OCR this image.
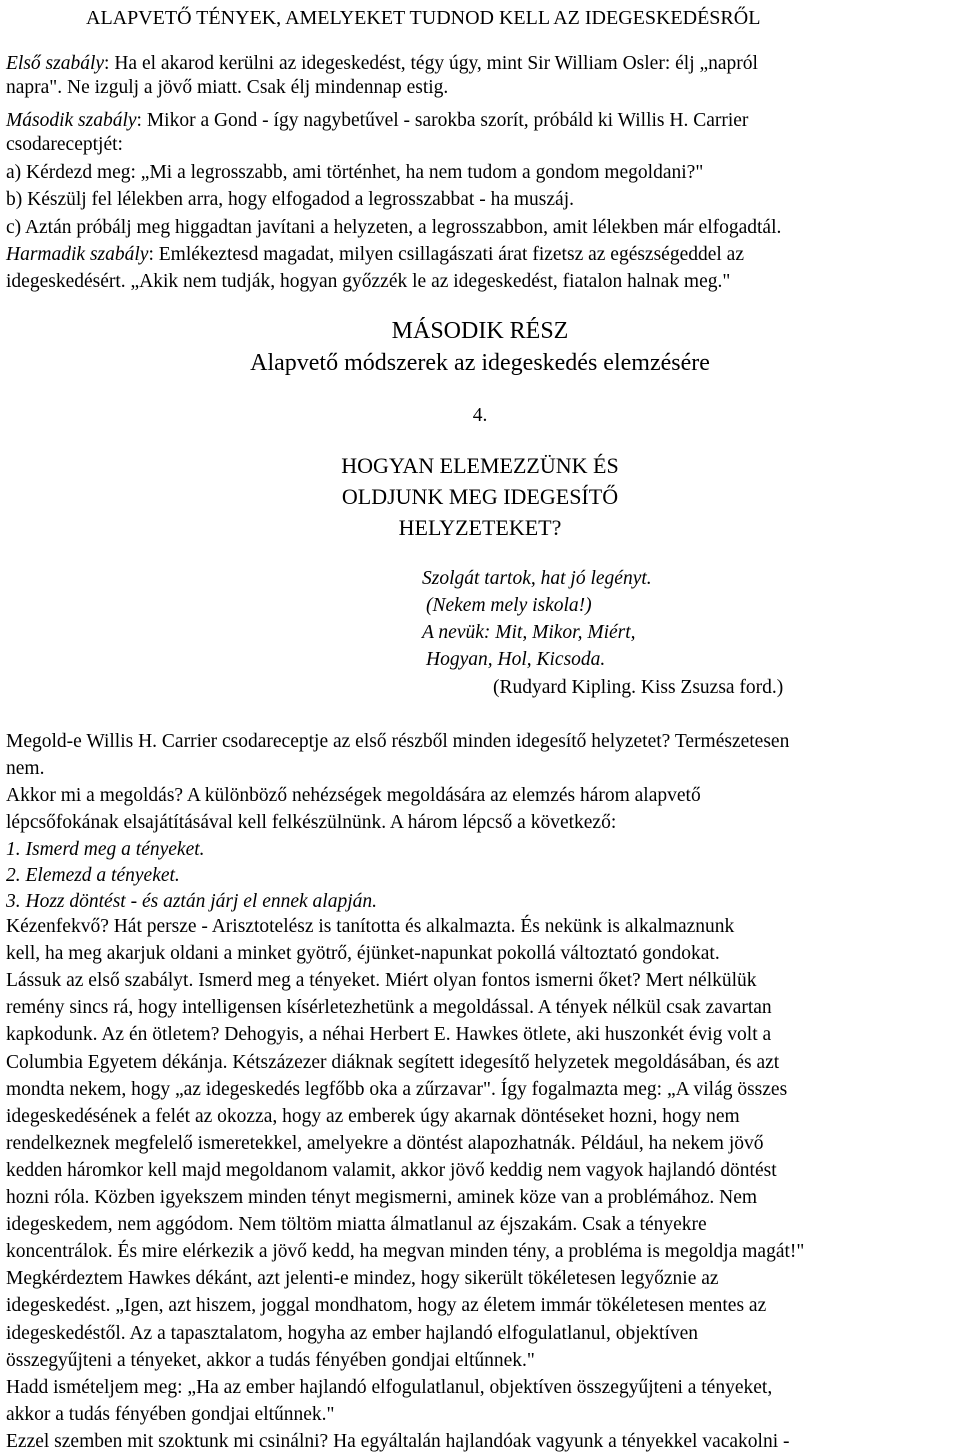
ALAPVETŐ TÉNYEK, AMELYEKET TUDNOD KELL AZ IDEGESKEDÉSRŐL
Első szabály: Ha el akarod kerülni az idegeskedést, tégy úgy, mint Sir William Osler: élj „napról
napra". Ne izgulj a jövő miatt. Csak élj mindennap estig.
Második szabály: Mikor a Gond - így nagybetűvel - sarokba szorít, próbáld ki Willis H. Carrier
csodareceptjét:
a) Kérdezd meg: „Mi a legrosszabb, ami történhet, ha nem tudom a gondom megoldani?"
b) Készülj fel lélekben arra, hogy elfogadod a legrosszabbat - ha muszáj.
c) Aztán próbálj meg higgadtan javítani a helyzeten, a legrosszabbon, amit lélekben már elfogadtál.
Harmadik szabály: Emlékeztesd magadat, milyen csillagászati árat fizetsz az egészségeddel az
idegeskedésért. „Akik nem tudják, hogyan győzzék le az idegeskedést, fiatalon halnak meg."
MÁSODIK RÉSZ
Alapvető módszerek az idegeskedés elemzésére
4.
HOGYAN ELEMEZZÜNK ÉS
OLDJUNK MEG IDEGESÍTŐ
HELYZETEKET?
Szolgát tartok, hat jó legényt.
(Nekem mely iskola!)
A nevük: Mit, Mikor, Miért,
Hogyan, Hol, Kicsoda.
(Rudyard Kipling. Kiss Zsuzsa ford.)
Megold-e Willis H. Carrier csodareceptje az első részből minden idegesítő helyzetet? Természetesen
nem.
Akkor mi a megoldás? A különböző nehézségek megoldására az elemzés három alapvető
lépcsőfokának elsajátításával kell felkészülnünk. A három lépcső a következő:
1. Ismerd meg a tényeket.
2. Elemezd a tényeket.
3. Hozz döntést - és aztán járj el ennek alapján.
Kézenfekvő? Hát persze - Arisztotelész is tanította és alkalmazta. És nekünk is alkalmaznunk
kell, ha meg akarjuk oldani a minket gyötrő, éjünket-napunkat pokollá változtató gondokat.
Lássuk az első szabályt. Ismerd meg a tényeket. Miért olyan fontos ismerni őket? Mert nélkülük
remény sincs rá, hogy intelligensen kísérletezhetünk a megoldással. A tények nélkül csak zavartan
kapkodunk. Az én ötletem? Dehogyis, a néhai Herbert E. Hawkes ötlete, aki huszonkét évig volt a
Columbia Egyetem dékánja. Kétszázezer diáknak segített idegesítő helyzetek megoldásában, és azt
mondta nekem, hogy „az idegeskedés legfőbb oka a zűrzavar". Így fogalmazta meg: „A világ összes
idegeskedésének a felét az okozza, hogy az emberek úgy akarnak döntéseket hozni, hogy nem
rendelkeznek megfelelő ismeretekkel, amelyekre a döntést alapozhatnák. Például, ha nekem jövő
kedden háromkor kell majd megoldanom valamit, akkor jövő keddig nem vagyok hajlandó döntést
hozni róla. Közben igyekszem minden tényt megismerni, aminek köze van a problémához. Nem
idegeskedem, nem aggódom. Nem töltöm miatta álmatlanul az éjszakám. Csak a tényekre
koncentrálok. És mire elérkezik a jövő kedd, ha megvan minden tény, a probléma is megoldja magát!"
Megkérdeztem Hawkes dékánt, azt jelenti-e mindez, hogy sikerült tökéletesen legyőznie az
idegeskedést. „Igen, azt hiszem, joggal mondhatom, hogy az életem immár tökéletesen mentes az
idegeskedéstől. Az a tapasztalatom, hogyha az ember hajlandó elfogulatlanul, objektíven
összegyűjteni a tényeket, akkor a tudás fényében gondjai eltűnnek."
Hadd ismételjem meg: „Ha az ember hajlandó elfogulatlanul, objektíven összegyűjteni a tényeket,
akkor a tudás fényében gondjai eltűnnek."
Ezzel szemben mit szoktunk mi csinálni? Ha egyáltalán hajlandóak vagyunk a tényekkel vacakolni -
